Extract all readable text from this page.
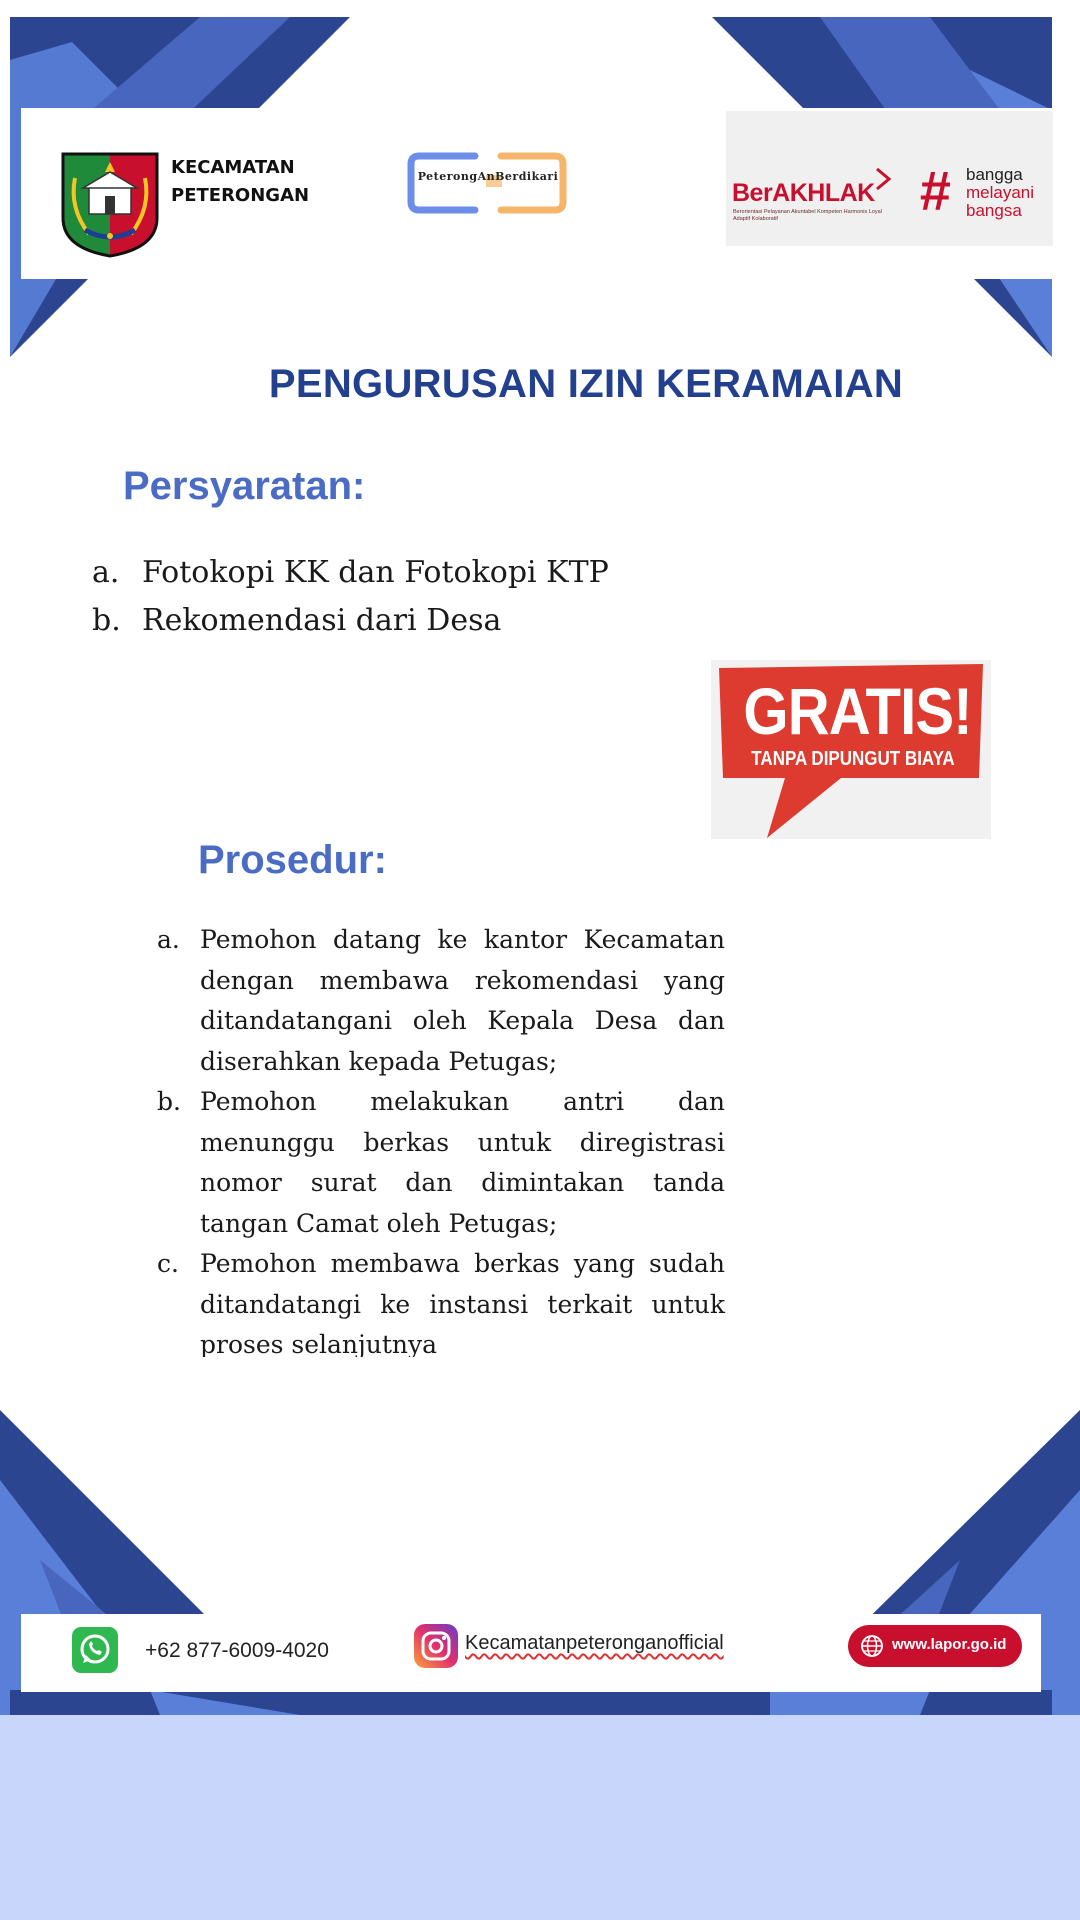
KECAMATAN
PETERONGAN
PeterongAnBerdikari
BerAKHLAK
Berorientasi Pelayanan Akuntabel Kompeten Harmonis Loyal Adaptif Kolaboratif	# bangga
melayani
bangsa
PENGURUSAN IZIN KERAMAIAN
Persyaratan:
a. Fotokopi KK dan Fotokopi KTP
b. Rekomendasi dari Desa
GRATIS!
TANPA DIPUNGUT BIAYA
Prosedur:
a. Pemohon datang ke kantor Kecamatan dengan membawa rekomendasi yang ditandatangani oleh Kepala Desa dan diserahkan kepada Petugas;
b. Pemohon melakukan antri dan menunggu berkas untuk diregistrasi nomor surat dan dimintakan tanda tangan Camat oleh Petugas;
c. Pemohon membawa berkas yang sudah ditandatangi ke instansi terkait untuk proses selanjutnya
+62 877-6009-4020	Kecamatanpeteronganofficial	www.lapor.go.id
